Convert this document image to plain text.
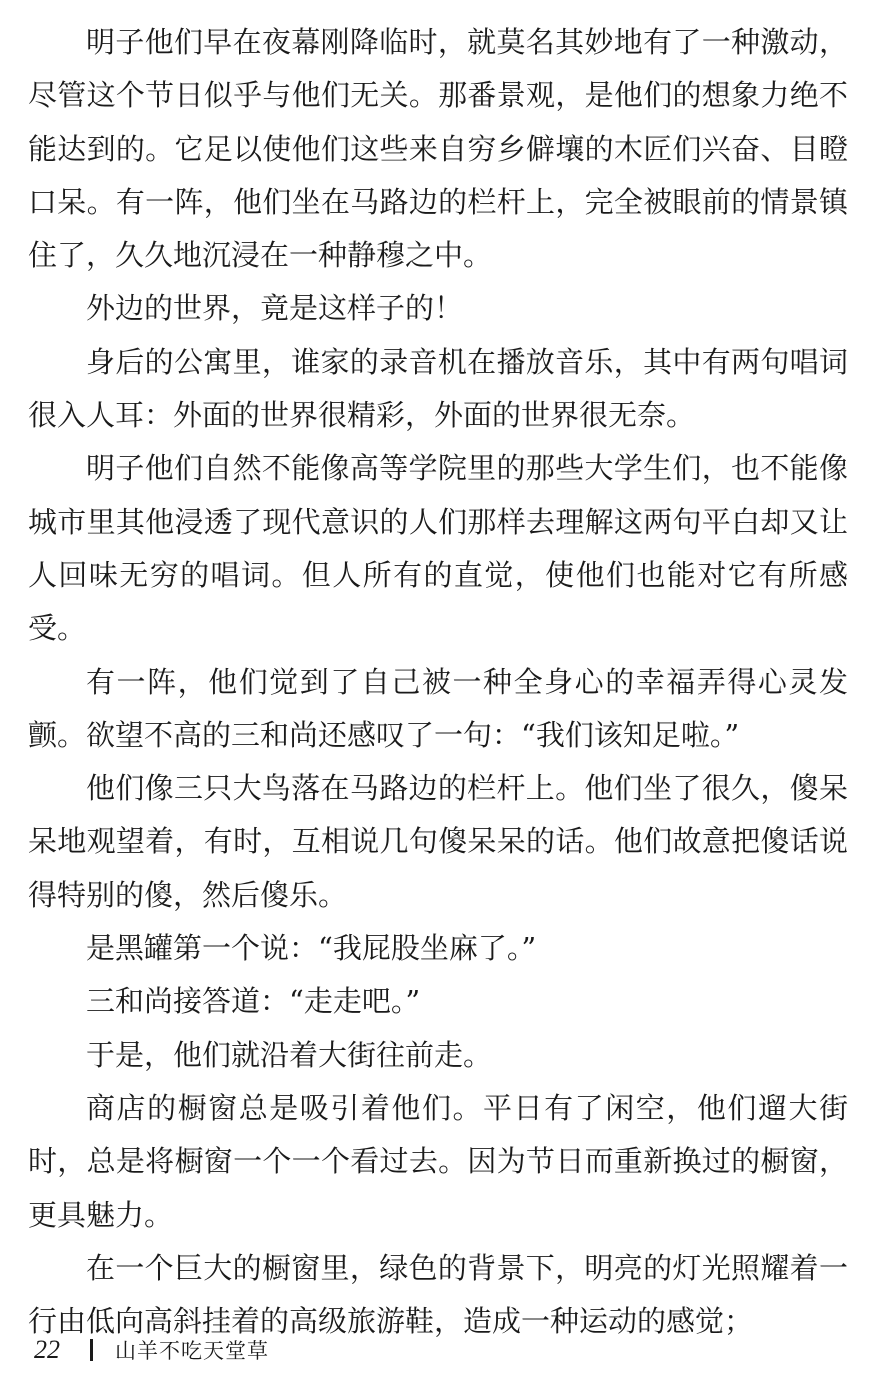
明子他们早在夜幕刚降临时，就莫名其妙地有了一种激动，尽管这个节日似乎与他们无关。那番景观，是他们的想象力绝不能达到的。它足以使他们这些来自穷乡僻壤的木匠们兴奋、目瞪口呆。有一阵，他们坐在马路边的栏杆上，完全被眼前的情景镇住了，久久地沉浸在一种静穆之中。

外边的世界，竟是这样子的！

身后的公寓里，谁家的录音机在播放音乐，其中有两句唱词很入人耳：外面的世界很精彩，外面的世界很无奈。

明子他们自然不能像高等学院里的那些大学生们，也不能像城市里其他浸透了现代意识的人们那样去理解这两句平白却又让人回味无穷的唱词。但人所有的直觉，使他们也能对它有所感受。

有一阵，他们觉到了自己被一种全身心的幸福弄得心灵发颤。欲望不高的三和尚还感叹了一句：“我们该知足啦。”

他们像三只大鸟落在马路边的栏杆上。他们坐了很久，傻呆呆地观望着，有时，互相说几句傻呆呆的话。他们故意把傻话说得特别的傻，然后傻乐。

是黑罐第一个说：“我屁股坐麻了。”

三和尚接答道：“走走吧。”

于是，他们就沿着大街往前走。

商店的橱窗总是吸引着他们。平日有了闲空，他们遛大街时，总是将橱窗一个一个看过去。因为节日而重新换过的橱窗，更具魅力。

在一个巨大的橱窗里，绿色的背景下，明亮的灯光照耀着一行由低向高斜挂着的高级旅游鞋，造成一种运动的感觉；

22	山羊不吃天堂草
